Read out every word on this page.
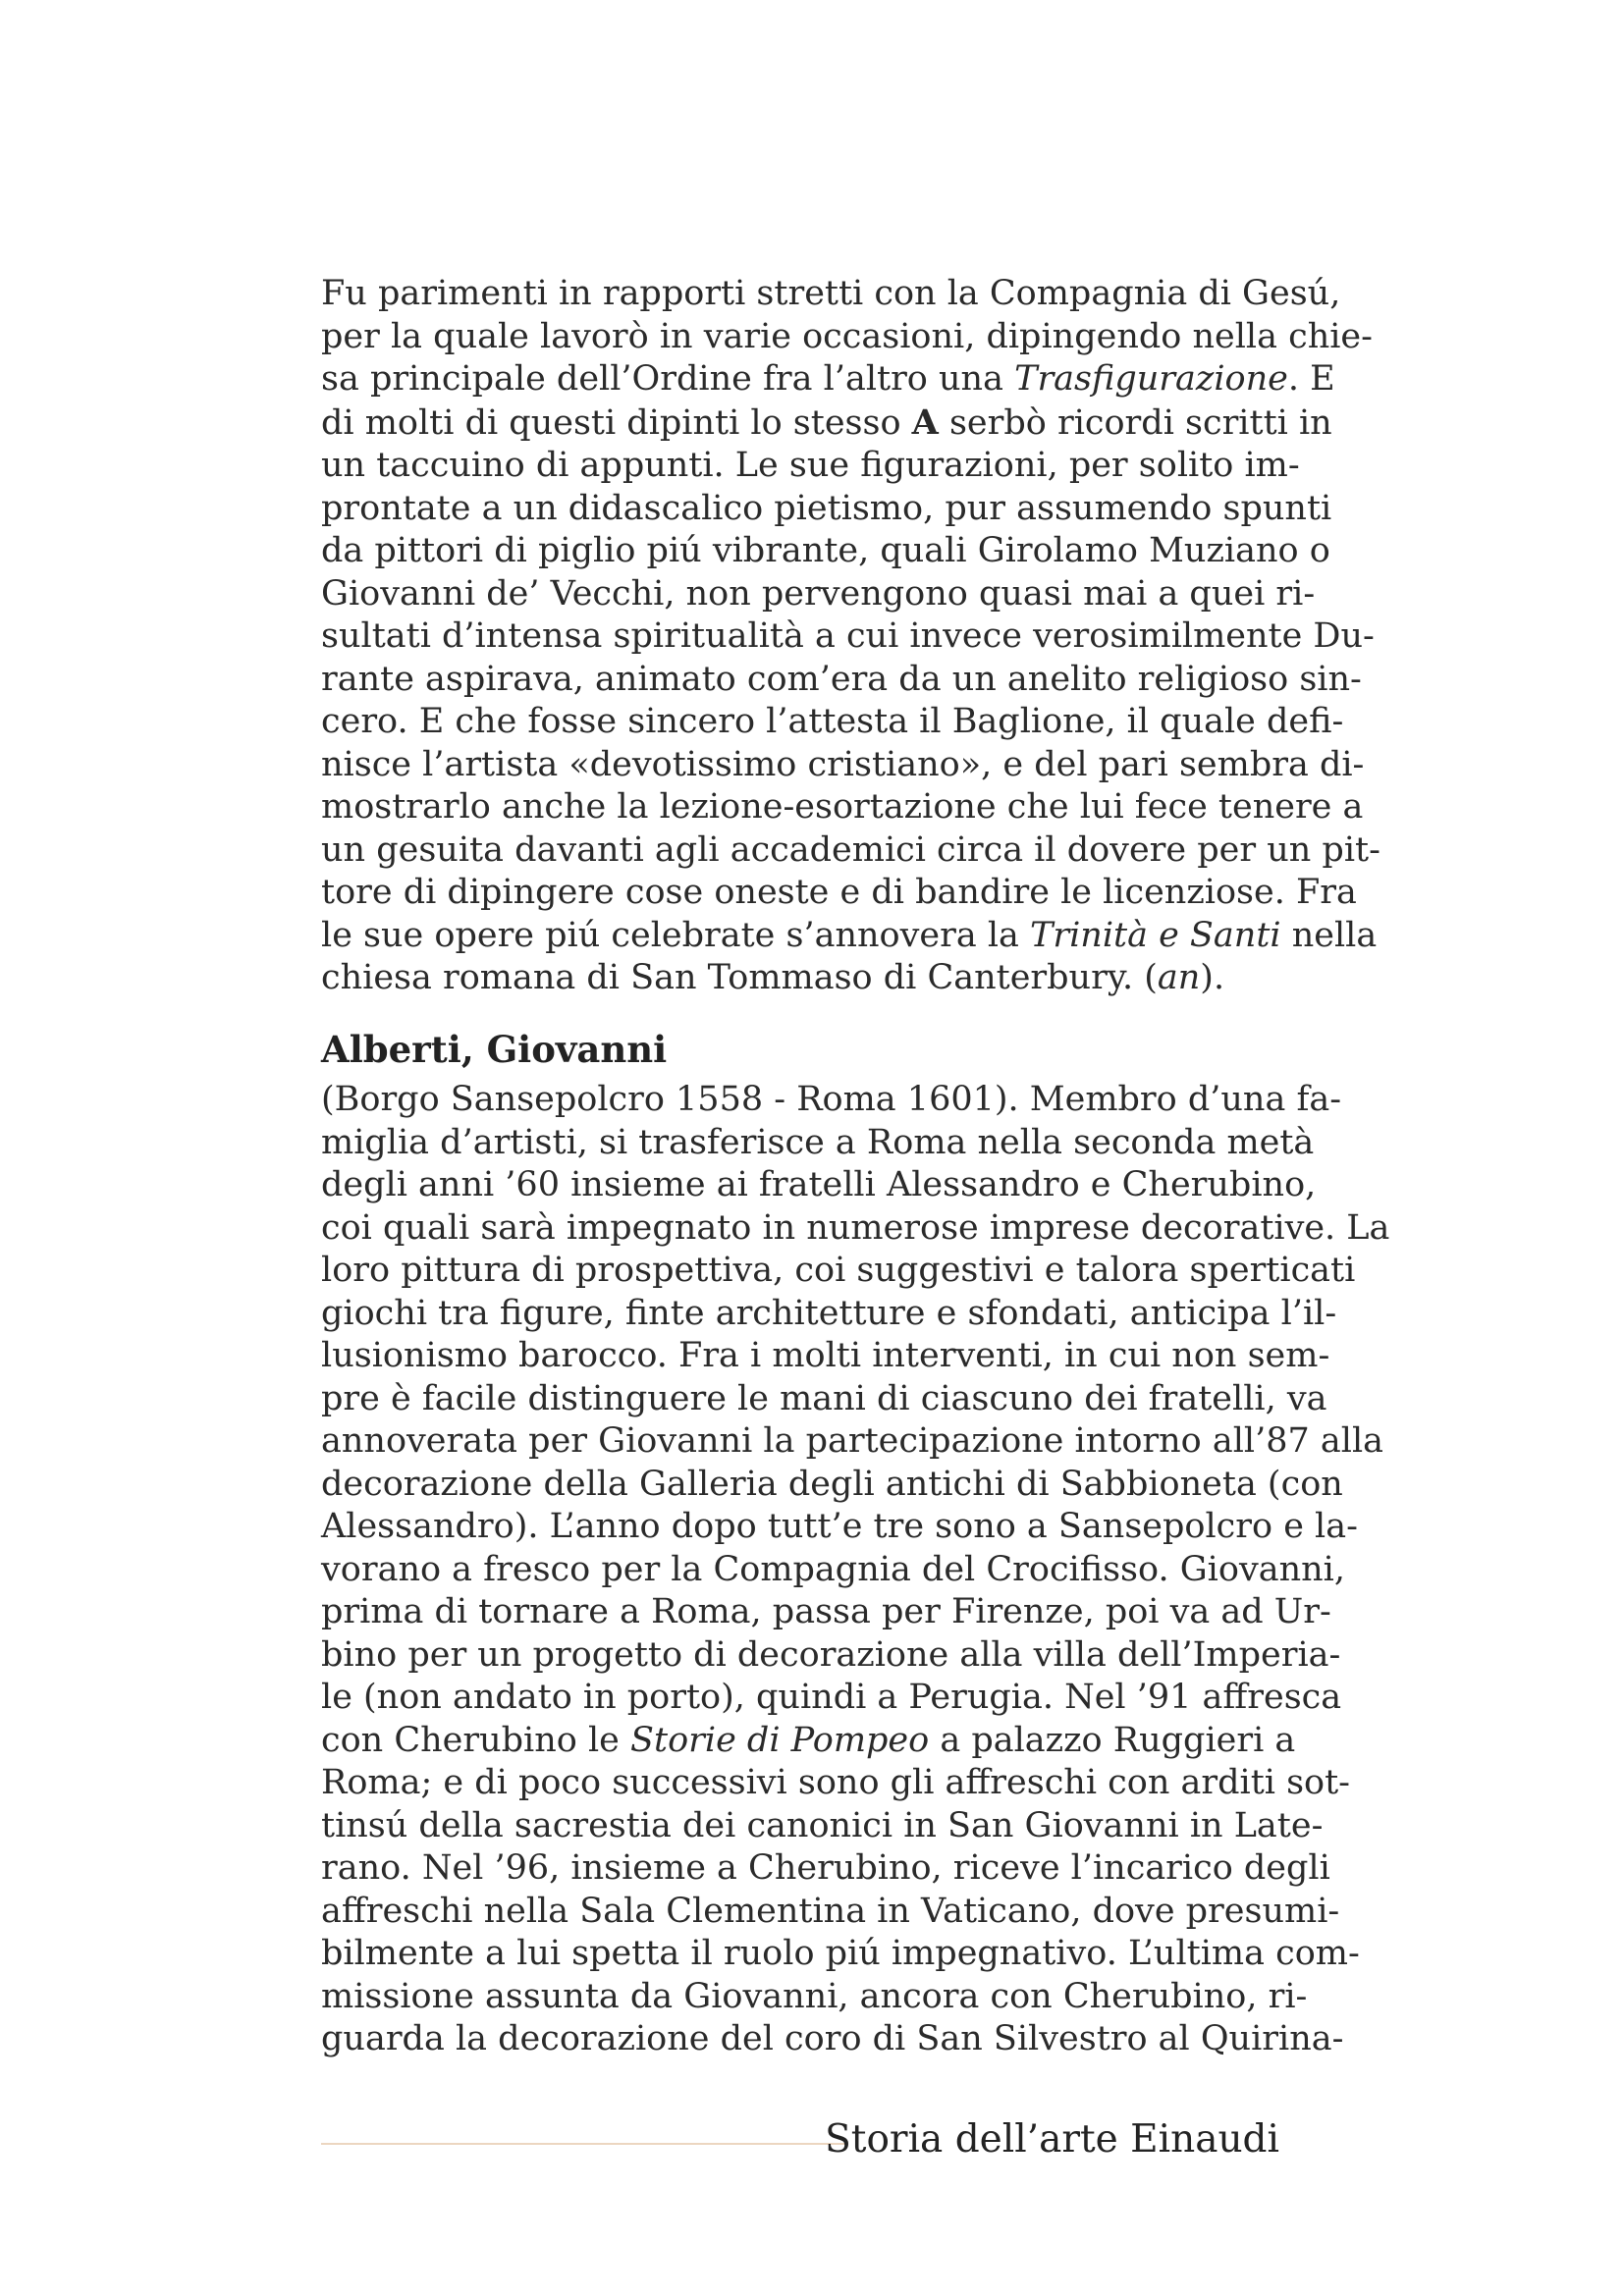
Fu parimenti in rapporti stretti con la Compagnia di Gesú,
per la quale lavorò in varie occasioni, dipingendo nella chie-
sa principale dell’Ordine fra l’altro una Trasfigurazione. E
di molti di questi dipinti lo stesso A serbò ricordi scritti in
un taccuino di appunti. Le sue figurazioni, per solito im-
prontate a un didascalico pietismo, pur assumendo spunti
da pittori di piglio piú vibrante, quali Girolamo Muziano o
Giovanni de’ Vecchi, non pervengono quasi mai a quei ri-
sultati d’intensa spiritualità a cui invece verosimilmente Du-
rante aspirava, animato com’era da un anelito religioso sin-
cero. E che fosse sincero l’attesta il Baglione, il quale defi-
nisce l’artista «devotissimo cristiano», e del pari sembra di-
mostrarlo anche la lezione-esortazione che lui fece tenere a
un gesuita davanti agli accademici circa il dovere per un pit-
tore di dipingere cose oneste e di bandire le licenziose. Fra
le sue opere piú celebrate s’annovera la Trinità e Santi nella
chiesa romana di San Tommaso di Canterbury. (an).
Alberti, Giovanni
(Borgo Sansepolcro 1558 - Roma 1601). Membro d’una fa-
miglia d’artisti, si trasferisce a Roma nella seconda metà
degli anni ’60 insieme ai fratelli Alessandro e Cherubino,
coi quali sarà impegnato in numerose imprese decorative. La
loro pittura di prospettiva, coi suggestivi e talora sperticati
giochi tra figure, finte architetture e sfondati, anticipa l’il-
lusionismo barocco. Fra i molti interventi, in cui non sem-
pre è facile distinguere le mani di ciascuno dei fratelli, va
annoverata per Giovanni la partecipazione intorno all’87 alla
decorazione della Galleria degli antichi di Sabbioneta (con
Alessandro). L’anno dopo tutt’e tre sono a Sansepolcro e la-
vorano a fresco per la Compagnia del Crocifisso. Giovanni,
prima di tornare a Roma, passa per Firenze, poi va ad Ur-
bino per un progetto di decorazione alla villa dell’Imperia-
le (non andato in porto), quindi a Perugia. Nel ’91 affresca
con Cherubino le Storie di Pompeo a palazzo Ruggieri a
Roma; e di poco successivi sono gli affreschi con arditi sot-
tinsú della sacrestia dei canonici in San Giovanni in Late-
rano. Nel ’96, insieme a Cherubino, riceve l’incarico degli
affreschi nella Sala Clementina in Vaticano, dove presumi-
bilmente a lui spetta il ruolo piú impegnativo. L’ultima com-
missione assunta da Giovanni, ancora con Cherubino, ri-
guarda la decorazione del coro di San Silvestro al Quirina-
Storia dell’arte Einaudi
